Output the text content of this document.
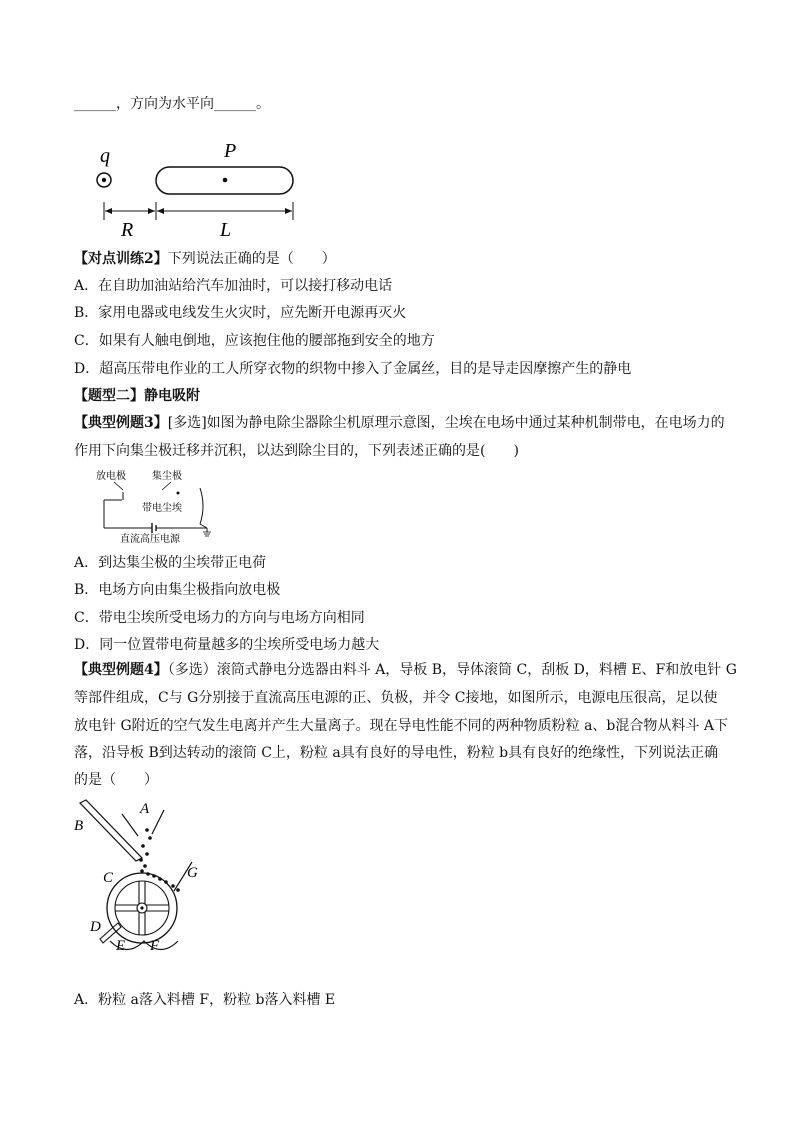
______，方向为水平向______。
q	P
R	L
【对点训练2】下列说法正确的是（　　）
A．在自助加油站给汽车加油时，可以接打移动电话
B．家用电器或电线发生火灾时，应先断开电源再灭火
C．如果有人触电倒地，应该抱住他的腰部拖到安全的地方
D．超高压带电作业的工人所穿衣物的织物中掺入了金属丝，目的是导走因摩擦产生的静电
【题型二】静电吸附
【典型例题3】[多选]如图为静电除尘器除尘机原理示意图，尘埃在电场中通过某种机制带电，在电场力的
作用下向集尘极迁移并沉积，以达到除尘目的，下列表述正确的是(　　)
放电极	集尘极
带电尘埃
直流高压电源
A．到达集尘极的尘埃带正电荷
B．电场方向由集尘极指向放电极
C．带电尘埃所受电场力的方向与电场方向相同
D．同一位置带电荷量越多的尘埃所受电场力越大
【典型例题4】（多选）滚筒式静电分选器由料斗 A，导板 B，导体滚筒 C，刮板 D，料槽 E、F和放电针 G
等部件组成，C与 G分别接于直流高压电源的正、负极，并令 C接地，如图所示，电源电压很高，足以使
放电针 G附近的空气发生电离并产生大量离子。现在导电性能不同的两种物质粉粒 a、b混合物从料斗 A下
落，沿导板 B到达转动的滚筒 C上，粉粒 a具有良好的导电性，粉粒 b具有良好的绝缘性，下列说法正确
的是（　　）
A
B
C	G
D
E F
A．粉粒 a落入料槽 F，粉粒 b落入料槽 E
